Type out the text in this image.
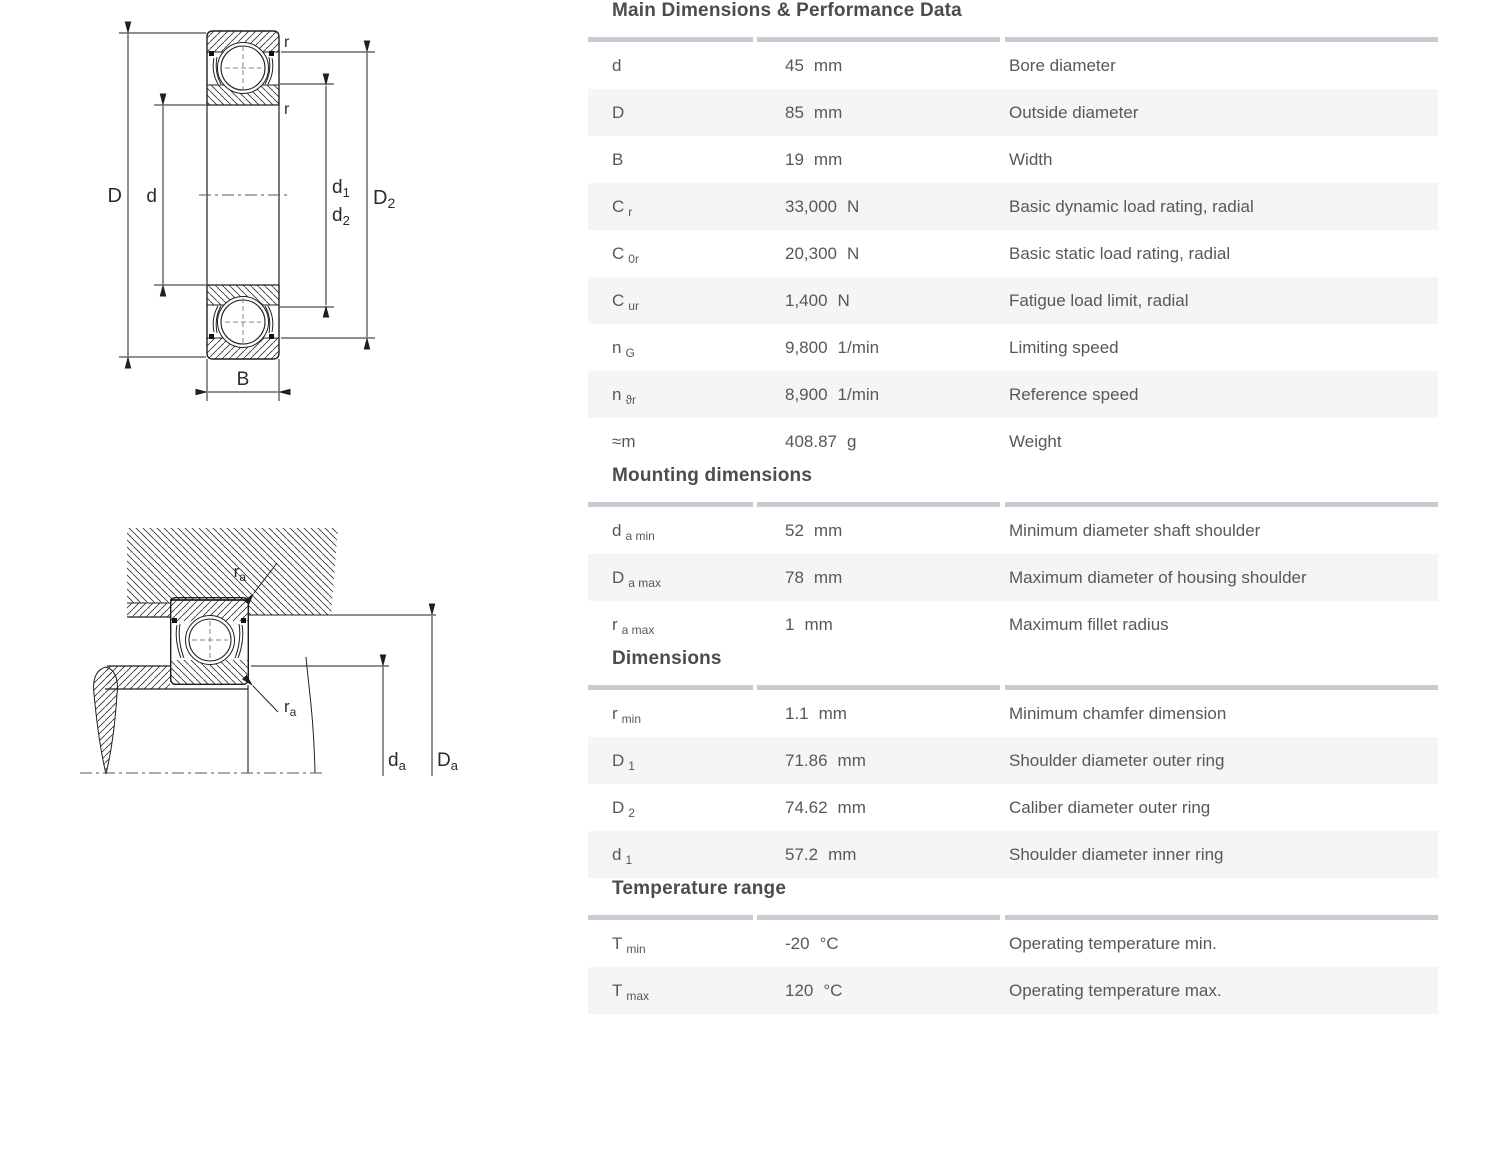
D d
r
r
$d_1$
$d_2$
$D_2$
B
$r_a$
$r_a$
$d_a$ $D_a$
Main Dimensions & Performance Data
d	45 mm	Bore diameter
D	85 mm	Outside diameter
B	19 mm	Width
C $_r$	33,000 N	Basic dynamic load rating, radial
C $_{0r}$	20,300 N	Basic static load rating, radial
C $_{ur}$	1,400 N	Fatigue load limit, radial
n $_G$	9,800 1/min	Limiting speed
n $_{ϑr}$	8,900 1/min	Reference speed
≈m	408.87 g	Weight
Mounting dimensions
d $_{a min}$	52 mm	Minimum diameter shaft shoulder
D $_{a max}$	78 mm	Maximum diameter of housing shoulder
r $_{a max}$	1 mm	Maximum fillet radius
Dimensions
r $_{min}$	1.1 mm	Minimum chamfer dimension
D $_1$	71.86 mm	Shoulder diameter outer ring
D $_2$	74.62 mm	Caliber diameter outer ring
d $_1$	57.2 mm	Shoulder diameter inner ring
Temperature range
T $_{min}$	-20 °C	Operating temperature min.
T $_{max}$	120 °C	Operating temperature max.
